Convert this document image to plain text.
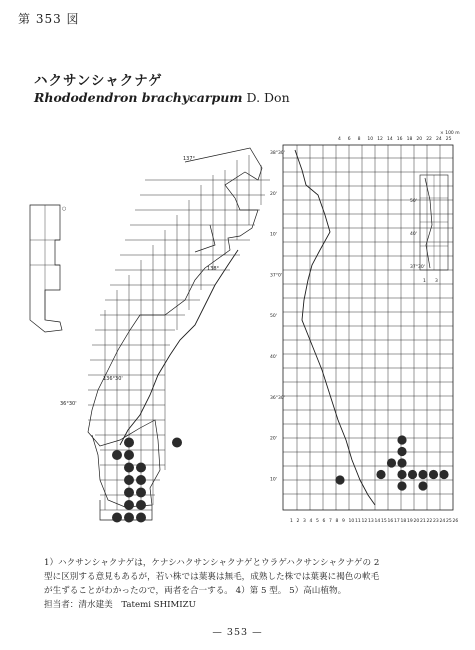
第 353 図
ハクサンシャクナゲ
Rhododendron brachycarpum D. Don
137°
138°
136°30'
36°30'
○
× 100 m
4 6 8 10 12 14 16 18 20 22 24 25
1 2 3 4 5 6 7 8 9 10 11 12 13 14 15 16 17 18 19 20 21 22 23 24 25 26
38°30'
20'
10'
37°0'
50'
40'
36°30'
20'
10'
50'
40'
37°30'
1 3

1）ハクサンシャクナゲは，ケナシハクサンシャクナゲとウラゲハクサンシャクナゲの 2

型に区別する意見もあるが，若い株では葉裏は無毛，成熟した株では葉裏に褐色の軟毛

が生ずることがわかったので，両者を合一する。 4）第 5 型。 5）高山植物。

担当者：清水建美　Tatemi SHIMIZU

— 353 —
